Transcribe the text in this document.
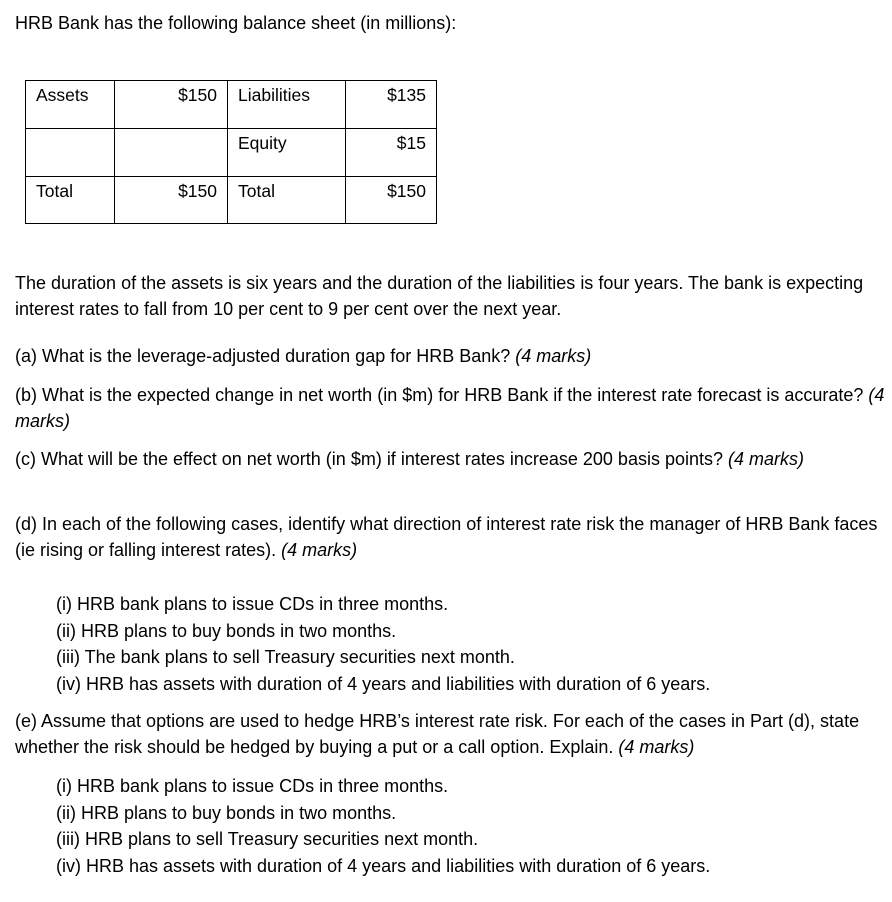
HRB Bank has the following balance sheet (in millions):
Assets	$150	Liabilities	$135
		Equity	$15
Total	$150	Total	$150
The duration of the assets is six years and the duration of the liabilities is four years. The bank is expecting interest rates to fall from 10 per cent to 9 per cent over the next year.
(a) What is the leverage-adjusted duration gap for HRB Bank? (4 marks)
(b) What is the expected change in net worth (in $m) for HRB Bank if the interest rate forecast is accurate? (4 marks)
(c) What will be the effect on net worth (in $m) if interest rates increase 200 basis points? (4 marks)
(d) In each of the following cases, identify what direction of interest rate risk the manager of HRB Bank faces (ie rising or falling interest rates). (4 marks)
(i) HRB bank plans to issue CDs in three months.
(ii) HRB plans to buy bonds in two months.
(iii) The bank plans to sell Treasury securities next month.
(iv) HRB has assets with duration of 4 years and liabilities with duration of 6 years.
(e) Assume that options are used to hedge HRB’s interest rate risk. For each of the cases in Part (d), state whether the risk should be hedged by buying a put or a call option. Explain. (4 marks)
(i) HRB bank plans to issue CDs in three months.
(ii) HRB plans to buy bonds in two months.
(iii) HRB plans to sell Treasury securities next month.
(iv) HRB has assets with duration of 4 years and liabilities with duration of 6 years.
